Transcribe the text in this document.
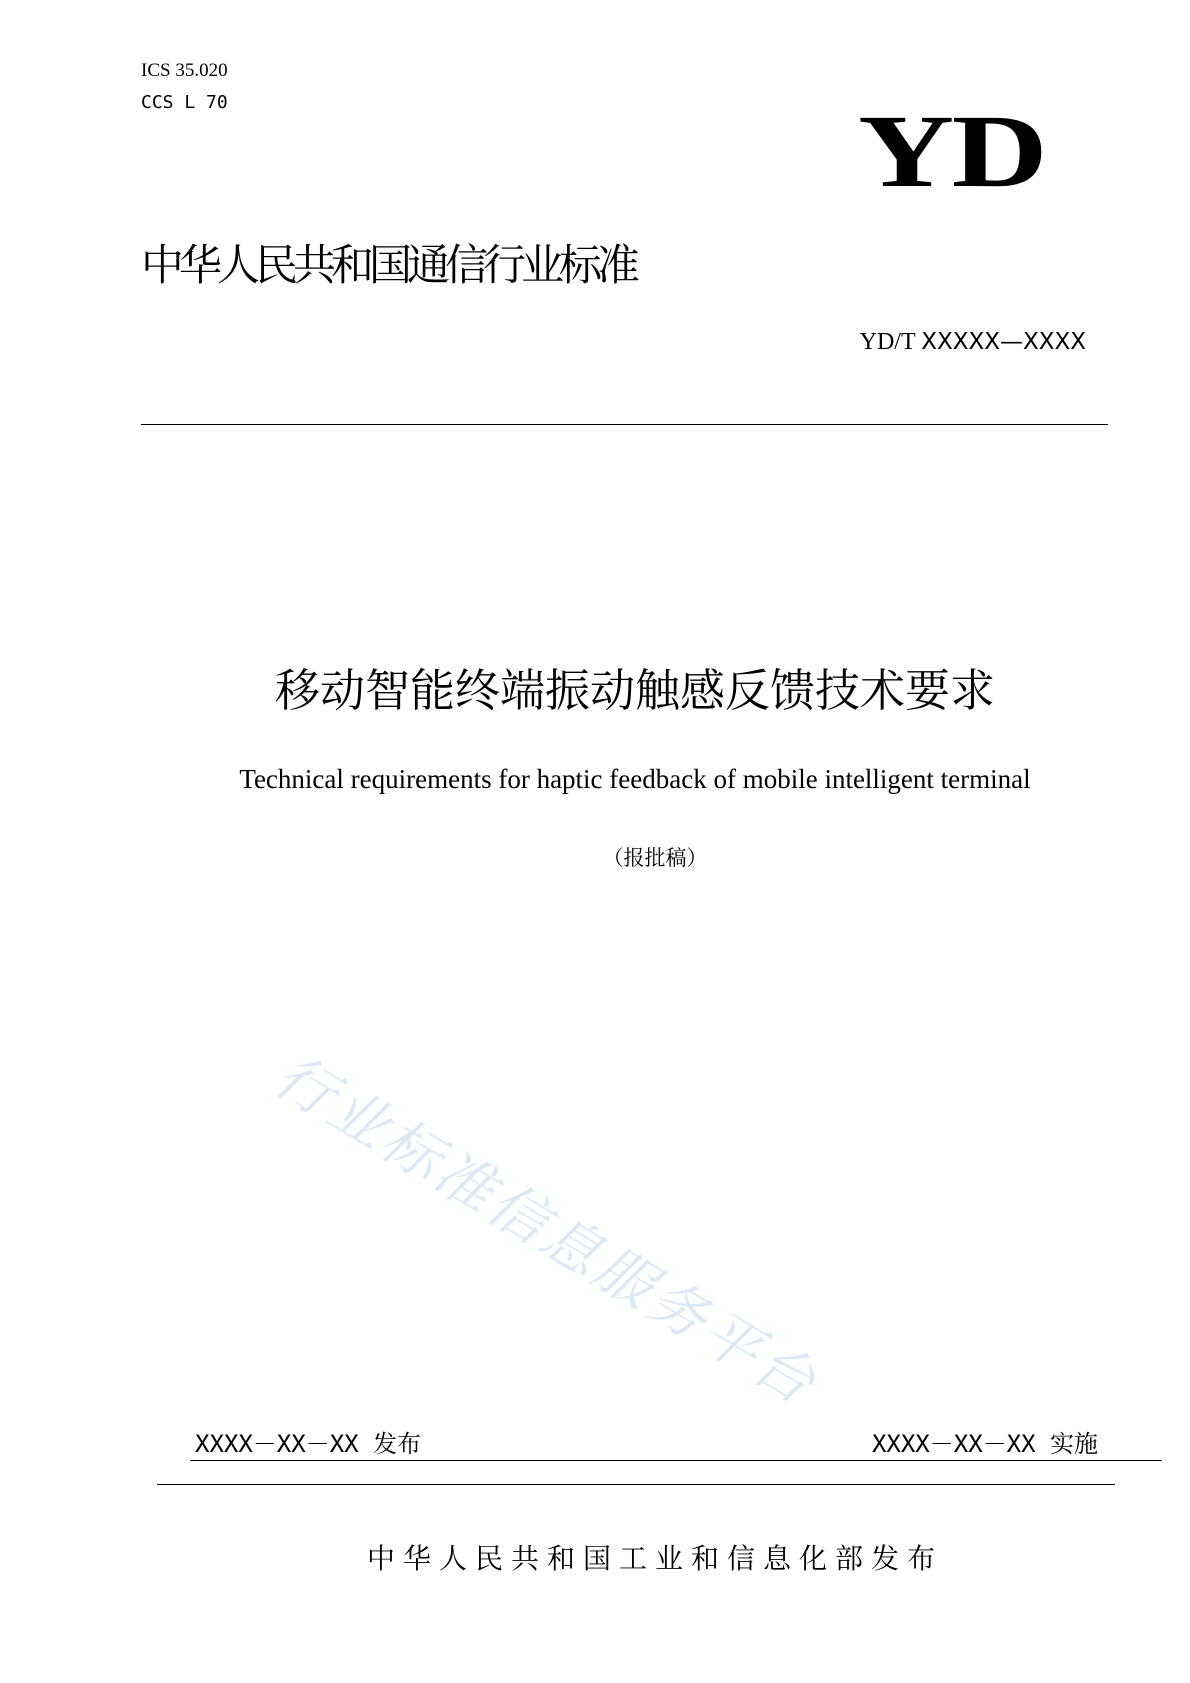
ICS 35.020
CCS L 70	YD
中华人民共和国通信行业标准
YD/T XXXXX—XXXX
移动智能终端振动触感反馈技术要求
Technical requirements for haptic feedback of mobile intelligent terminal
（报批稿）
行业标准信息服务平台
XXXX－XX－XX 发布	XXXX－XX－XX 实施
中华人民共和国工业和信息化部发布
